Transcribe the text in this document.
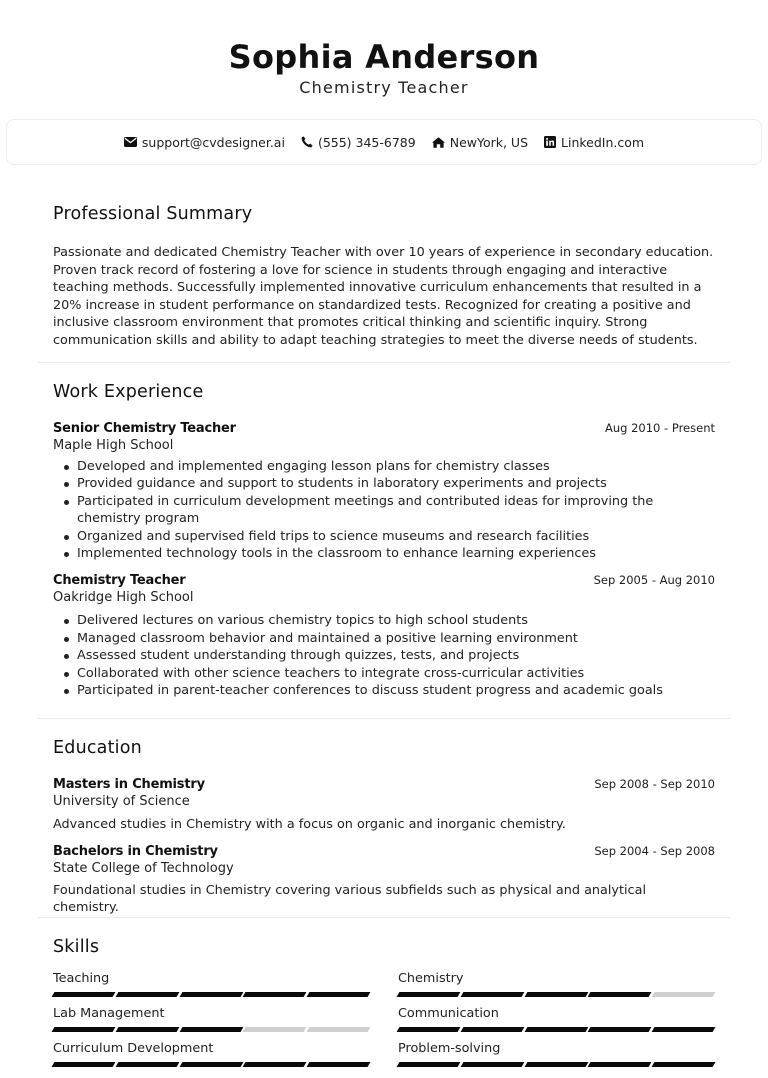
Sophia Anderson
Chemistry Teacher
support@cvdesigner.ai	(555) 345-6789	NewYork, US	LinkedIn.com
Professional Summary
Passionate and dedicated Chemistry Teacher with over 10 years of experience in secondary education. Proven track record of fostering a love for science in students through engaging and interactive teaching methods. Successfully implemented innovative curriculum enhancements that resulted in a 20% increase in student performance on standardized tests. Recognized for creating a positive and inclusive classroom environment that promotes critical thinking and scientific inquiry. Strong communication skills and ability to adapt teaching strategies to meet the diverse needs of students.
Work Experience
Senior Chemistry Teacher	Aug 2010 - Present
Maple High School
Developed and implemented engaging lesson plans for chemistry classes
Provided guidance and support to students in laboratory experiments and projects
Participated in curriculum development meetings and contributed ideas for improving the chemistry program
Organized and supervised field trips to science museums and research facilities
Implemented technology tools in the classroom to enhance learning experiences
Chemistry Teacher	Sep 2005 - Aug 2010
Oakridge High School
Delivered lectures on various chemistry topics to high school students
Managed classroom behavior and maintained a positive learning environment
Assessed student understanding through quizzes, tests, and projects
Collaborated with other science teachers to integrate cross-curricular activities
Participated in parent-teacher conferences to discuss student progress and academic goals
Education
Masters in Chemistry	Sep 2008 - Sep 2010
University of Science
Advanced studies in Chemistry with a focus on organic and inorganic chemistry.
Bachelors in Chemistry	Sep 2004 - Sep 2008
State College of Technology
Foundational studies in Chemistry covering various subfields such as physical and analytical chemistry.
Skills
Teaching	Chemistry
Lab Management	Communication
Curriculum Development	Problem-solving
